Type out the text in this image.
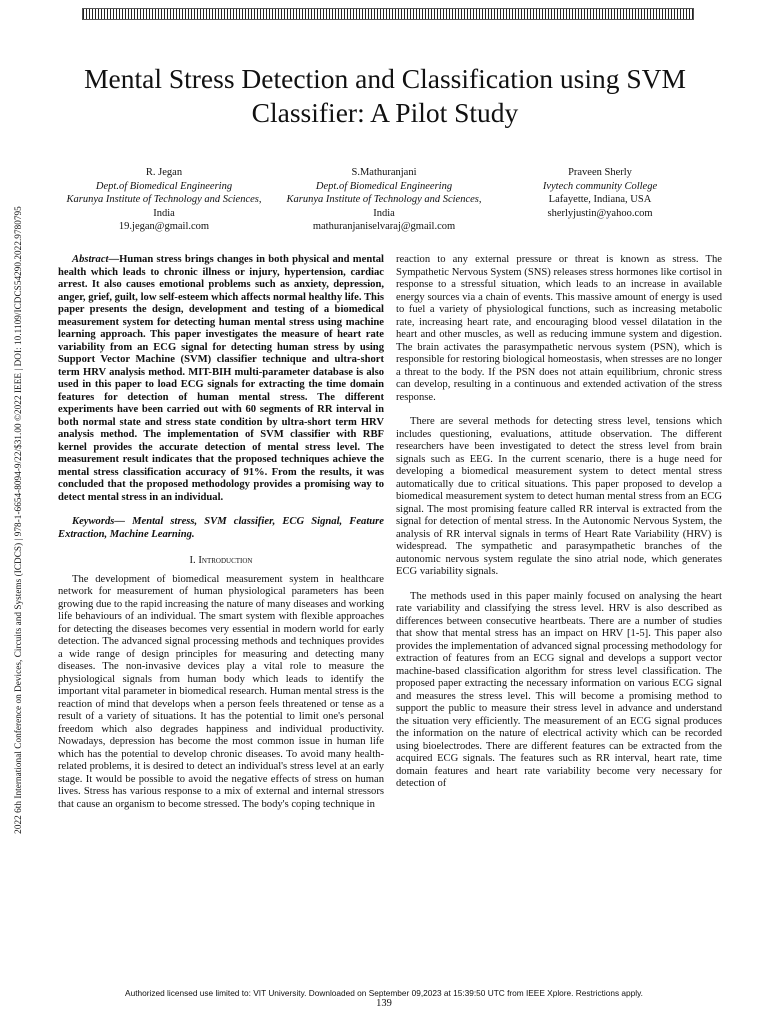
2022 6th International Conference on Devices, Circuits and Systems (ICDCS) | 978-1-6654-8094-9/22/$31.00 ©2022 IEEE | DOI: 10.1109/ICDCS54290.2022.9780795
Mental Stress Detection and Classification using SVM Classifier: A Pilot Study
R. Jegan
Dept.of Biomedical Engineering
Karunya Institute of Technology and Sciences,
India
19.jegan@gmail.com
S.Mathuranjani
Dept.of Biomedical Engineering
Karunya Institute of Technology and Sciences,
India
mathuranjaniselvaraj@gmail.com
Praveen Sherly
Ivytech community College
Lafayette, Indiana, USA
sherlyjustin@yahoo.com

Abstract—Human stress brings changes in both physical and mental health which leads to chronic illness or injury, hypertension, cardiac arrest. It also causes emotional problems such as anxiety, depression, anger, grief, guilt, low self-esteem which affects normal healthy life. This paper presents the design, development and testing of a biomedical measurement system for detecting human mental stress using machine learning approach. This paper investigates the measure of heart rate variability from an ECG signal for detecting human stress by using Support Vector Machine (SVM) classifier technique and ultra-short term HRV analysis method. MIT-BIH multi-parameter database is also used in this paper to load ECG signals for extracting the time domain features for detection of human mental stress. The different experiments have been carried out with 60 segments of RR interval in both normal state and stress state condition by ultra-short term HRV analysis method. The implementation of SVM classifier with RBF kernel provides the accurate detection of mental stress level. The measurement result indicates that the proposed techniques achieve the mental stress classification accuracy of 91%. From the results, it was concluded that the proposed methodology provides a promising way to detect mental stress in an individual.

Keywords— Mental stress, SVM classifier, ECG Signal, Feature Extraction, Machine Learning.

I. Introduction

The development of biomedical measurement system in healthcare network for measurement of human physiological parameters has been growing due to the rapid increasing the nature of many diseases and working life behaviours of an individual. The smart system with flexible approaches for detecting the diseases becomes very essential in modern world for early detection. The advanced signal processing methods and techniques provides a wide range of design principles for measuring and detecting many diseases. The non-invasive devices play a vital role to measure the physiological signals from human body which leads to identify the important vital parameter in biomedical research. Human mental stress is the reaction of mind that develops when a person feels threatened or tense as a result of a variety of situations. It has the potential to limit one's personal freedom which also degrades happiness and individual productivity. Nowadays, depression has become the most common issue in human life which has the potential to develop chronic diseases. To avoid many health-related problems, it is desired to detect an individual's stress level at an early stage. It would be possible to avoid the negative effects of stress on human lives. Stress has various response to a mix of external and internal stressors that cause an organism to become stressed. The body's coping technique in

reaction to any external pressure or threat is known as stress. The Sympathetic Nervous System (SNS) releases stress hormones like cortisol in response to a stressful situation, which leads to an increase in available energy sources via a chain of events. This massive amount of energy is used to fuel a variety of physiological functions, such as increasing metabolic rate, increasing heart rate, and encouraging blood vessel dilatation in the heart and other muscles, as well as reducing immune system and digestion. The brain activates the parasympathetic nervous system (PSN), which is responsible for restoring biological homeostasis, when stresses are no longer a threat to the body. If the PSN does not attain equilibrium, chronic stress can develop, resulting in a continuous and extended activation of the stress response.

There are several methods for detecting stress level, tensions which includes questioning, evaluations, attitude observation. The different researchers have been investigated to detect the stress level from brain signals such as EEG. In the current scenario, there is a huge need for developing a biomedical measurement system to detect mental stress automatically due to critical situations. This paper proposed to develop a biomedical measurement system to detect human mental stress from an ECG signal. The most promising feature called RR interval is extracted from the signal for detection of mental stress. In the Autonomic Nervous System, the analysis of RR interval signals in terms of Heart Rate Variability (HRV) is widespread. The sympathetic and parasympathetic branches of the autonomic nervous system regulate the sino atrial node, which generates ECG variability signals.

The methods used in this paper mainly focused on analysing the heart rate variability and classifying the stress level. HRV is also described as differences between consecutive heartbeats. There are a number of studies that show that mental stress has an impact on HRV [1-5]. This paper also provides the implementation of advanced signal processing methodology for extraction of features from an ECG signal and develops a support vector machine-based classification algorithm for stress level classification. The proposed paper extracting the necessary information on various ECG signal and measures the stress level. This will become a promising method to support the public to measure their stress level in advance and understand the situation very efficiently. The measurement of an ECG signal produces the information on the nature of electrical activity which can be recorded using bioelectrodes. There are different features can be extracted from the acquired ECG signals. The features such as RR interval, heart rate, time domain features and heart rate variability become very necessary for detection of

Authorized licensed use limited to: VIT University. Downloaded on September 09,2023 at 15:39:50 UTC from IEEE Xplore. Restrictions apply.
139
